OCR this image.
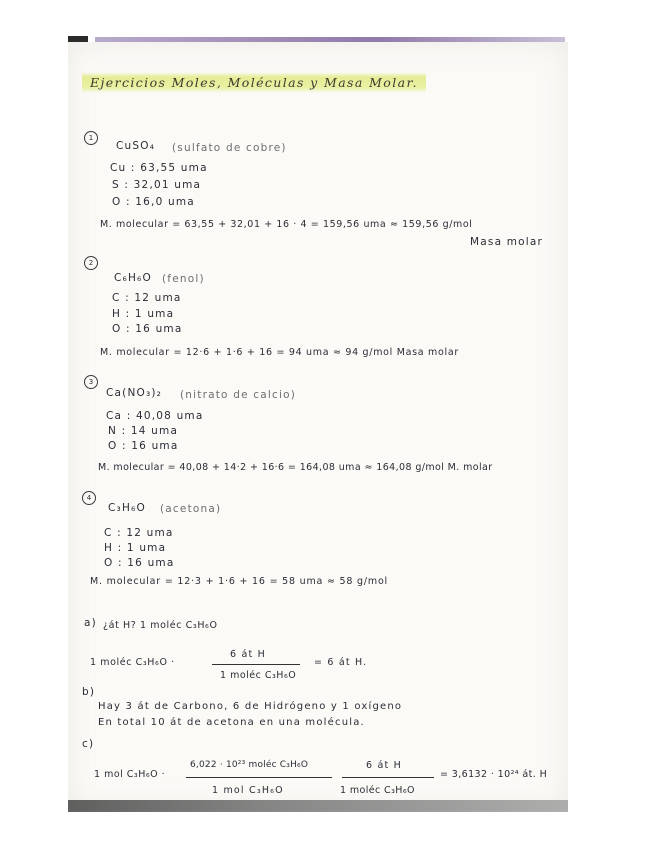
Ejercicios Moles, Moléculas y Masa Molar.
1
CuSO₄ (sulfato de cobre)
Cu : 63,55 uma
S : 32,01 uma
O : 16,0 uma
M. molecular = 63,55 + 32,01 + 16 · 4 = 159,56 uma ≈ 159,56 g/mol
Masa molar
2
C₆H₆O (fenol)
C : 12 uma
H : 1 uma
O : 16 uma
M. molecular = 12·6 + 1·6 + 16 = 94 uma ≈ 94 g/mol Masa molar
3
Ca(NO₃)₂ (nitrato de calcio)
Ca : 40,08 uma
N : 14 uma
O : 16 uma
M. molecular = 40,08 + 14·2 + 16·6 = 164,08 uma ≈ 164,08 g/mol M. molar
4
C₃H₆O (acetona)
C : 12 uma
H : 1 uma
O : 16 uma
M. molecular = 12·3 + 1·6 + 16 = 58 uma ≈ 58 g/mol
a) ¿át H? 1 moléc C₃H₆O
1 moléc C₃H₆O ·
6 át H
1 moléc C₃H₆O
= 6 át H.
b)
Hay 3 át de Carbono, 6 de Hidrógeno y 1 oxígeno
En total 10 át de acetona en una molécula.
c)
1 mol C₃H₆O ·
6,022 · 10²³ moléc C₃H₆O
1 mol C₃H₆O
6 át H
1 moléc C₃H₆O
= 3,6132 · 10²⁴ át. H
